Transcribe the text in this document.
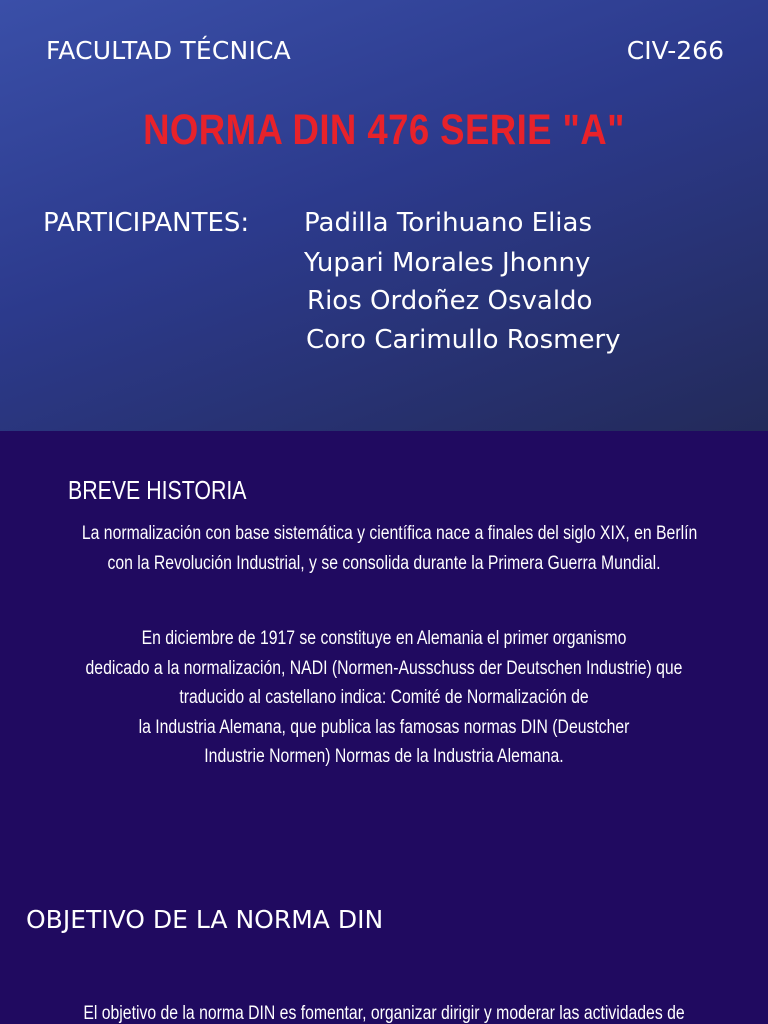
FACULTAD TÉCNICA	CIV-266
NORMA DIN 476 SERIE "A"
PARTICIPANTES: Padilla Torihuano Elias
Yupari Morales Jhonny
Rios Ordoñez Osvaldo
Coro Carimullo Rosmery
BREVE HISTORIA
La normalización con base sistemática y científica nace a finales del siglo XIX, en Berlín
con la Revolución Industrial, y se consolida durante la Primera Guerra Mundial.
En diciembre de 1917 se constituye en Alemania el primer organismo
dedicado a la normalización, NADI (Normen-Ausschuss der Deutschen Industrie) que
traducido al castellano indica: Comité de Normalización de
la Industria Alemana, que publica las famosas normas DIN (Deustcher
Industrie Normen) Normas de la Industria Alemana.
OBJETIVO DE LA NORMA DIN
El objetivo de la norma DIN es fomentar, organizar dirigir y moderar las actividades de
